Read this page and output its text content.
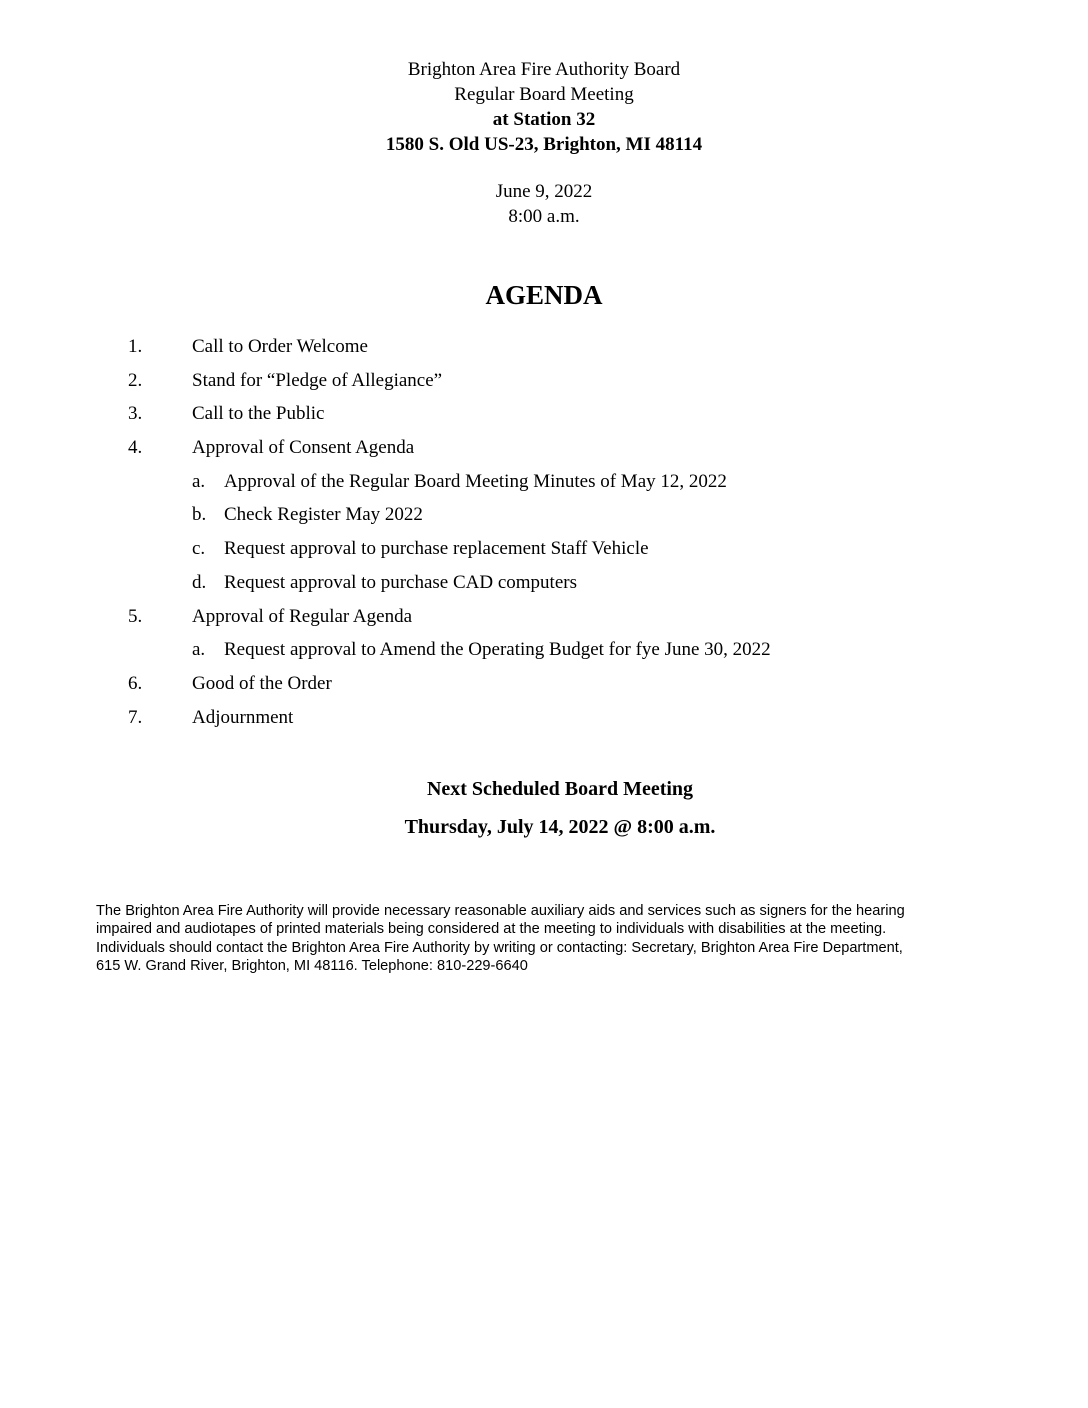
Brighton Area Fire Authority Board
Regular Board Meeting
at Station 32
1580 S. Old US-23, Brighton, MI 48114
June 9, 2022
8:00 a.m.
AGENDA
1.	Call to Order Welcome
2.	Stand for “Pledge of Allegiance”
3.	Call to the Public
4.	Approval of Consent Agenda
a. Approval of the Regular Board Meeting Minutes of May 12, 2022
b. Check Register May 2022
c. Request approval to purchase replacement Staff Vehicle
d. Request approval to purchase CAD computers
5.	Approval of Regular Agenda
a. Request approval to Amend the Operating Budget for fye June 30, 2022
6.	Good of the Order
7.	Adjournment
Next Scheduled Board Meeting
Thursday, July 14, 2022 @ 8:00 a.m.
The Brighton Area Fire Authority will provide necessary reasonable auxiliary aids and services such as signers for the hearing
impaired and audiotapes of printed materials being considered at the meeting to individuals with disabilities at the meeting.
Individuals should contact the Brighton Area Fire Authority by writing or contacting: Secretary, Brighton Area Fire Department,
615 W. Grand River, Brighton, MI 48116. Telephone: 810-229-6640
